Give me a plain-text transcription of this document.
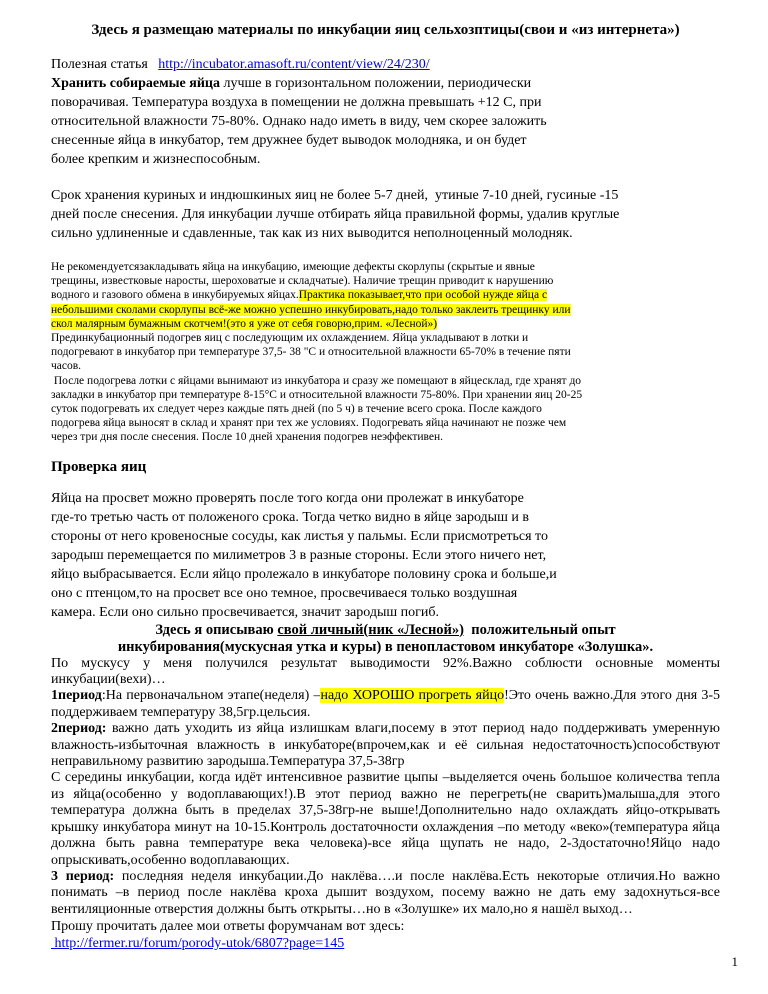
Здесь я размещаю материалы по инкубации яиц сельхозптицы(свои и «из интернета»)
Полезная статья   http://incubator.amasoft.ru/content/view/24/230/
Хранить собираемые яйца лучше в горизонтальном положении, периодически
поворачивая. Температура воздуха в помещении не должна превышать +12 С, при
относительной влажности 75-80%. Однако надо иметь в виду, чем скорее заложить
снесенные яйца в инкубатор, тем дружнее будет выводок молодняка, и он будет
более крепким и жизнеспособным.
Срок хранения куриных и индюшкиных яиц не более 5-7 дней,  утиные 7-10 дней, гусиные -15
дней после снесения. Для инкубации лучше отбирать яйца правильной формы, удалив круглые
сильно удлиненные и сдавленные, так как из них выводится неполноценный молодняк.
Не рекомендуетсязакладывать яйца на инкубацию, имеющие дефекты скорлупы (скрытые и явные
трещины, известковые наросты, шероховатые и складчатые). Наличие трещин приводит к нарушению
водного и газового обмена в инкубируемых яйцах.Практика показывает,что при особой нужде яйца с
небольшими сколами скорлупы всё-же можно успешно инкубировать,надо только заклеить трещинку или
скол малярным бумажным скотчем!(это я уже от себя говорю,прим. «Лесной»)
Прединкубационный подогрев яиц с последующим их охлаждением. Яйца укладывают в лотки и
подогревают в инкубатор при температуре 37,5- 38 "С и относительной влажности 65-70% в течение пяти
часов.
После подогрева лотки с яйцами вынимают из инкубатора и сразу же помещают в яйцесклад, где хранят до
закладки в инкубатор при температуре 8-15°С и относительной влажности 75-80%. При хранении яиц 20-25
суток подогревать их следует через каждые пять дней (по 5 ч) в течение всего срока. После каждого
подогрева яйца выносят в склад и хранят при тех же условиях. Подогревать яйца начинают не позже чем
через три дня после снесения. После 10 дней хранения подогрев неэффективен.
Проверка яиц
Яйца на просвет можно проверять после того когда они пролежат в инкубаторе
где-то третью часть от положеного срока. Тогда четко видно в яйце зародыш и в
стороны от него кровеносные сосуды, как листья у пальмы. Если присмотреться то
зародыш перемещается по милиметров 3 в разные стороны. Если этого ничего нет,
яйцо выбрасывается. Если яйцо пролежало в инкубаторе половину срока и больше,и
оно с птенцом,то на просвет все оно темное, просвечиваеся только воздушная
камера. Если оно сильно просвечивается, значит зародыш погиб.
Здесь я описываю свой личный(ник «Лесной»)  положительный опыт
инкубирования(мускусная утка и куры) в пенопластовом инкубаторе «Золушка».
По мускусу у меня получился результат выводимости 92%.Важно соблюсти основные моменты инкубации(вехи)…
1период:На первоначальном этапе(неделя) –надо ХОРОШО прогреть яйцо!Это очень важно.Для этого дня 3-5 поддерживаем температуру 38,5гр.цельсия.
2период: важно дать уходить из яйца излишкам влаги,посему в этот период надо поддерживать умеренную влажность-избыточная влажность в инкубаторе(впрочем,как и её сильная недостаточность)способствуют неправильному развитию зародыша.Температура 37,5-38гр
С середины инкубации, когда идёт интенсивное развитие цыпы –выделяется очень большое количества тепла из яйца(особенно у водоплавающих!).В этот период важно не перегреть(не сварить)малыша,для этого температура должна быть в пределах 37,5-38гр-не выше!Дополнительно надо охлаждать яйцо-открывать крышку инкубатора минут на 10-15.Контроль достаточности охлаждения –по методу «веко»(температура яйца должна быть равна температуре века человека)-все яйца щупать не надо, 2-3достаточно!Яйцо надо опрыскивать,особенно водоплавающих.
3 период: последняя неделя инкубации.До наклёва….и после наклёва.Есть некоторые отличия.Но важно понимать –в период после наклёва кроха дышит воздухом, посему важно не дать ему задохнуться-все вентиляционные отверстия должны быть открыты…но в «Золушке» их мало,но я нашёл выход…
Прошу прочитать далее мои ответы форумчанам вот здесь:
http://fermer.ru/forum/porody-utok/6807?page=145
1
